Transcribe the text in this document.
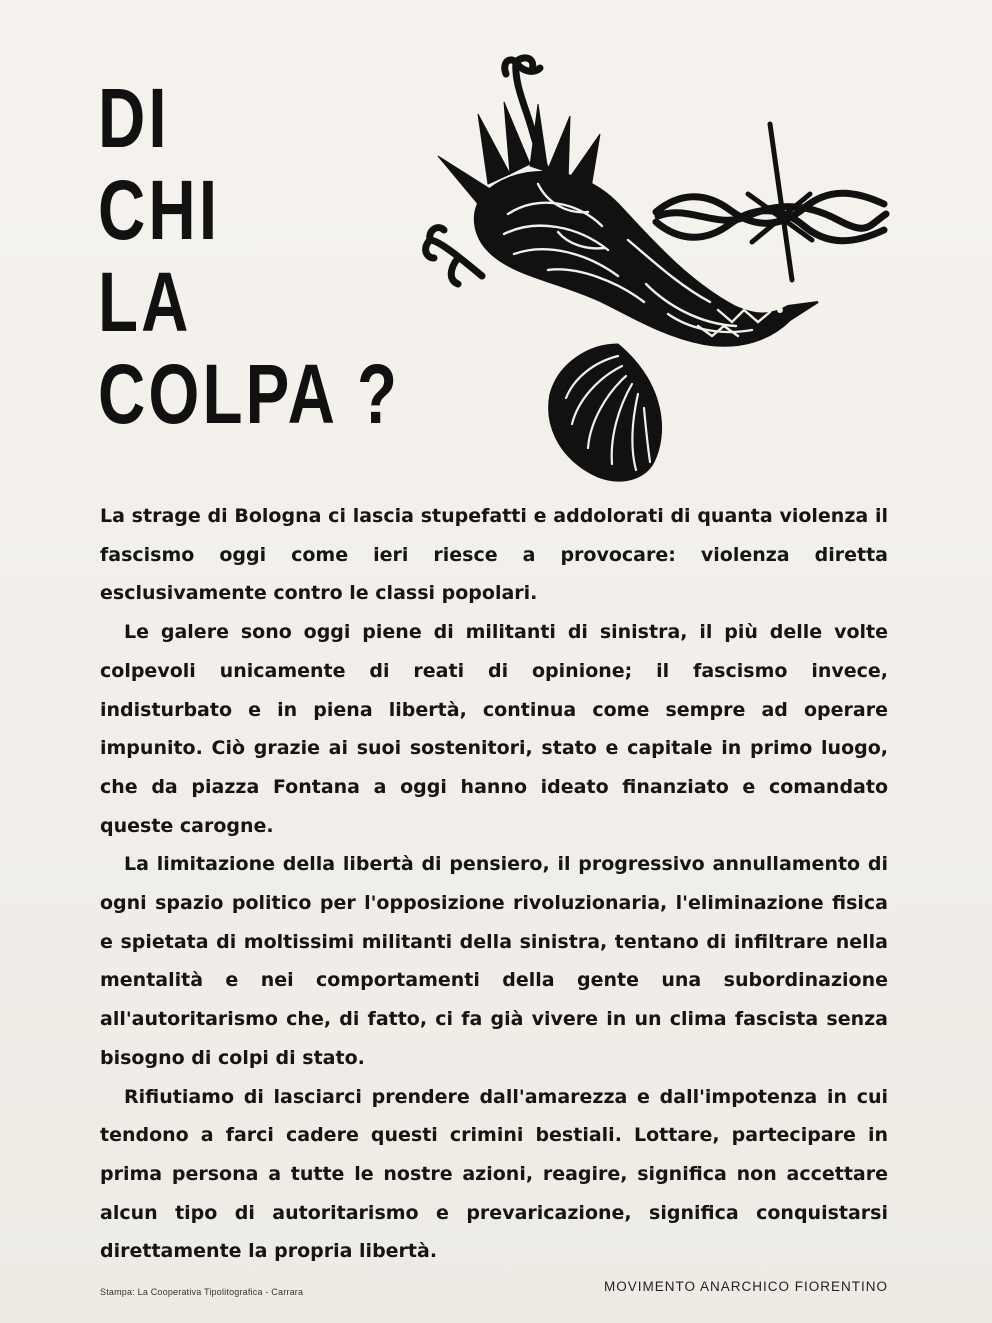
DI
CHI
LA
COLPA ?

La strage di Bologna ci lascia stupefatti e addolorati di quanta violenza il fascismo oggi come ieri riesce a provocare: violenza diretta esclusivamente contro le classi popolari.

Le galere sono oggi piene di militanti di sinistra, il più delle volte colpevoli unicamente di reati di opinione; il fascismo invece, indisturbato e in piena libertà, continua come sempre ad operare impunito. Ciò grazie ai suoi sostenitori, stato e capitale in primo luogo, che da piazza Fontana a oggi hanno ideato finanziato e comandato queste carogne.

La limitazione della libertà di pensiero, il progressivo annullamento di ogni spazio politico per l'opposizione rivoluzionaria, l'eliminazione fisica e spietata di moltissimi militanti della sinistra, tentano di infiltrare nella mentalità e nei comportamenti della gente una subordinazione all'autoritarismo che, di fatto, ci fa già vivere in un clima fascista senza bisogno di colpi di stato.

Rifiutiamo di lasciarci prendere dall'amarezza e dall'impotenza in cui tendono a farci cadere questi crimini bestiali. Lottare, partecipare in prima persona a tutte le nostre azioni, reagire, significa non accettare alcun tipo di autoritarismo e prevaricazione, significa conquistarsi direttamente la propria libertà.

Stampa: La Cooperativa Tipolitografica - Carrara	MOVIMENTO ANARCHICO FIORENTINO
